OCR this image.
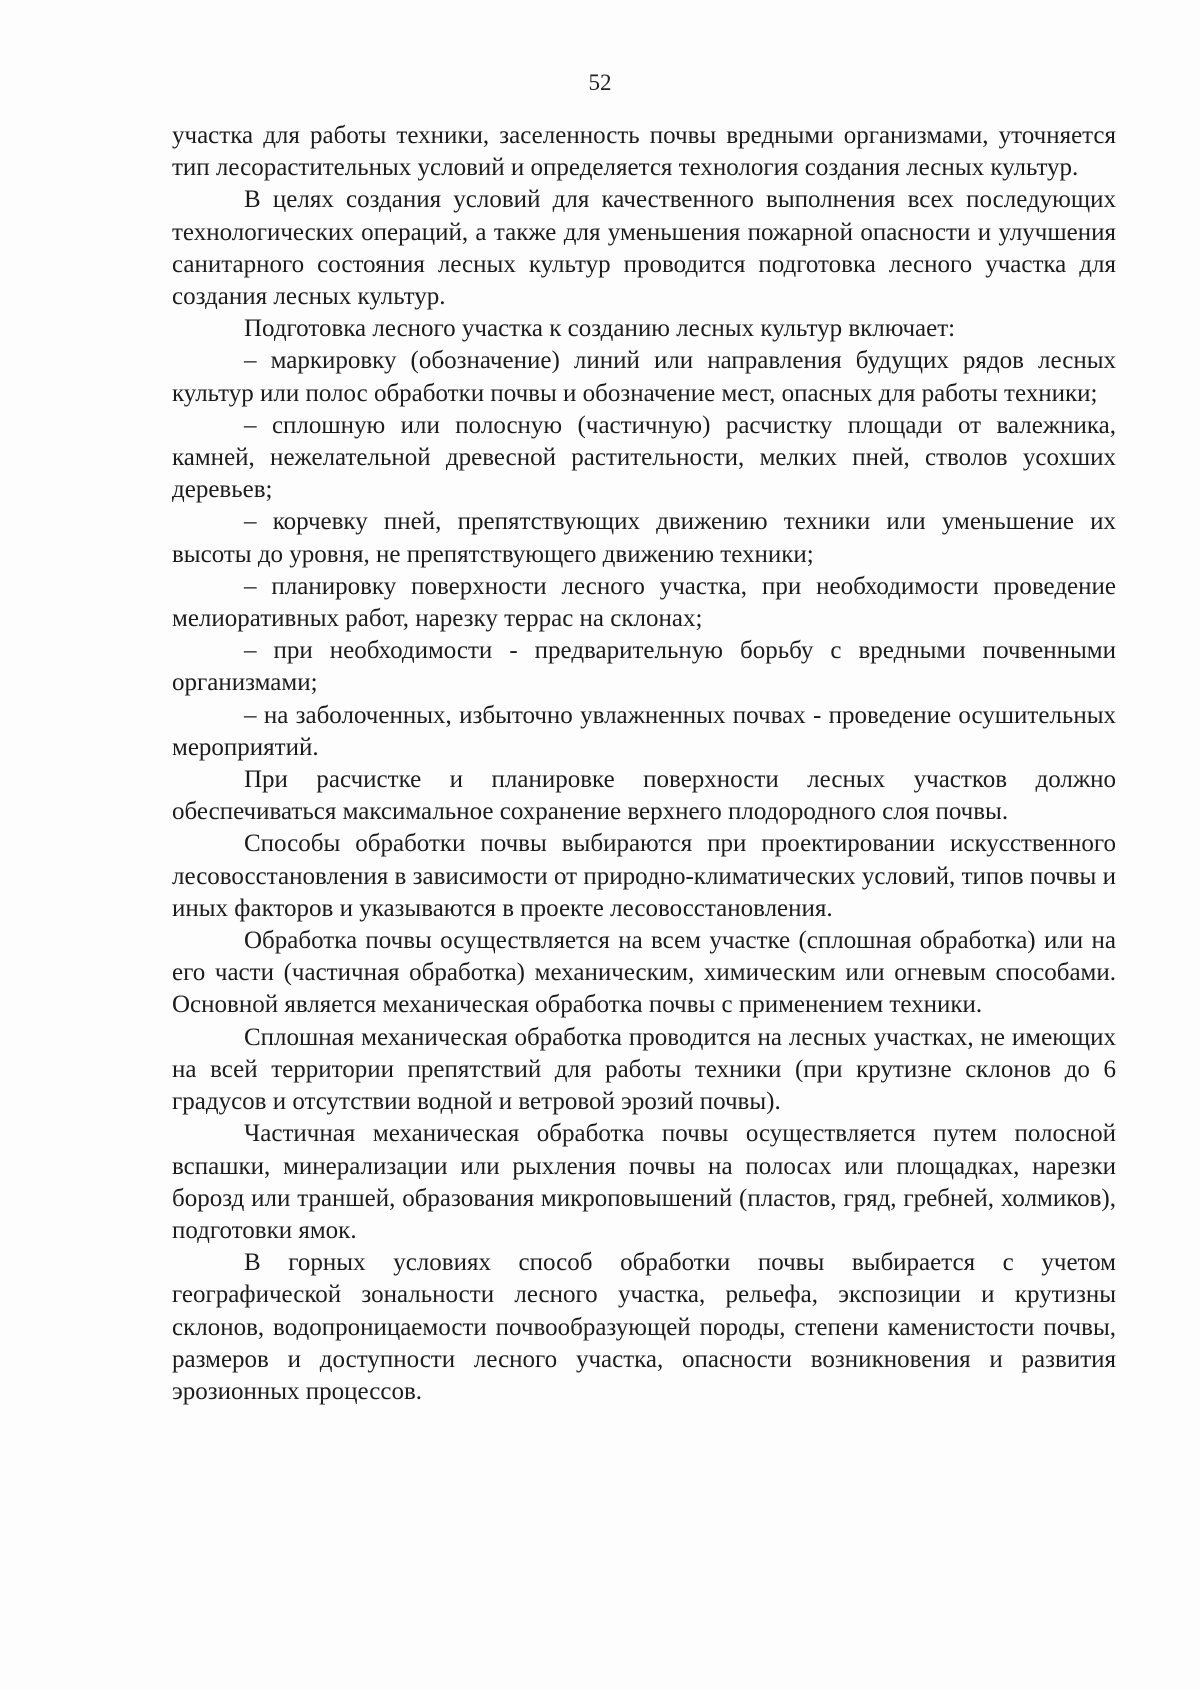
52

участка для работы техники, заселенность почвы вредными организмами, уточняется тип лесорастительных условий и определяется технология создания лесных культур.

В целях создания условий для качественного выполнения всех последующих технологических операций, а также для уменьшения пожарной опасности и улучшения санитарного состояния лесных культур проводится подготовка лесного участка для создания лесных культур.

Подготовка лесного участка к созданию лесных культур включает:

– маркировку (обозначение) линий или направления будущих рядов лесных культур или полос обработки почвы и обозначение мест, опасных для работы техники;

– сплошную или полосную (частичную) расчистку площади от валежника, камней, нежелательной древесной растительности, мелких пней, стволов усохших деревьев;

– корчевку пней, препятствующих движению техники или уменьшение их высоты до уровня, не препятствующего движению техники;

– планировку поверхности лесного участка, при необходимости проведение мелиоративных работ, нарезку террас на склонах;

– при необходимости - предварительную борьбу с вредными почвенными организмами;

– на заболоченных, избыточно увлажненных почвах - проведение осушительных мероприятий.

При расчистке и планировке поверхности лесных участков должно обеспечиваться максимальное сохранение верхнего плодородного слоя почвы.

Способы обработки почвы выбираются при проектировании искусственного лесовосстановления в зависимости от природно-климатических условий, типов почвы и иных факторов и указываются в проекте лесовосстановления.

Обработка почвы осуществляется на всем участке (сплошная обработка) или на его части (частичная обработка) механическим, химическим или огневым способами. Основной является механическая обработка почвы с применением техники.

Сплошная механическая обработка проводится на лесных участках, не имеющих на всей территории препятствий для работы техники (при крутизне склонов до 6 градусов и отсутствии водной и ветровой эрозий почвы).

Частичная механическая обработка почвы осуществляется путем полосной вспашки, минерализации или рыхления почвы на полосах или площадках, нарезки борозд или траншей, образования микроповышений (пластов, гряд, гребней, холмиков), подготовки ямок.

В горных условиях способ обработки почвы выбирается с учетом географической зональности лесного участка, рельефа, экспозиции и крутизны склонов, водопроницаемости почвообразующей породы, степени каменистости почвы, размеров и доступности лесного участка, опасности возникновения и развития эрозионных процессов.
